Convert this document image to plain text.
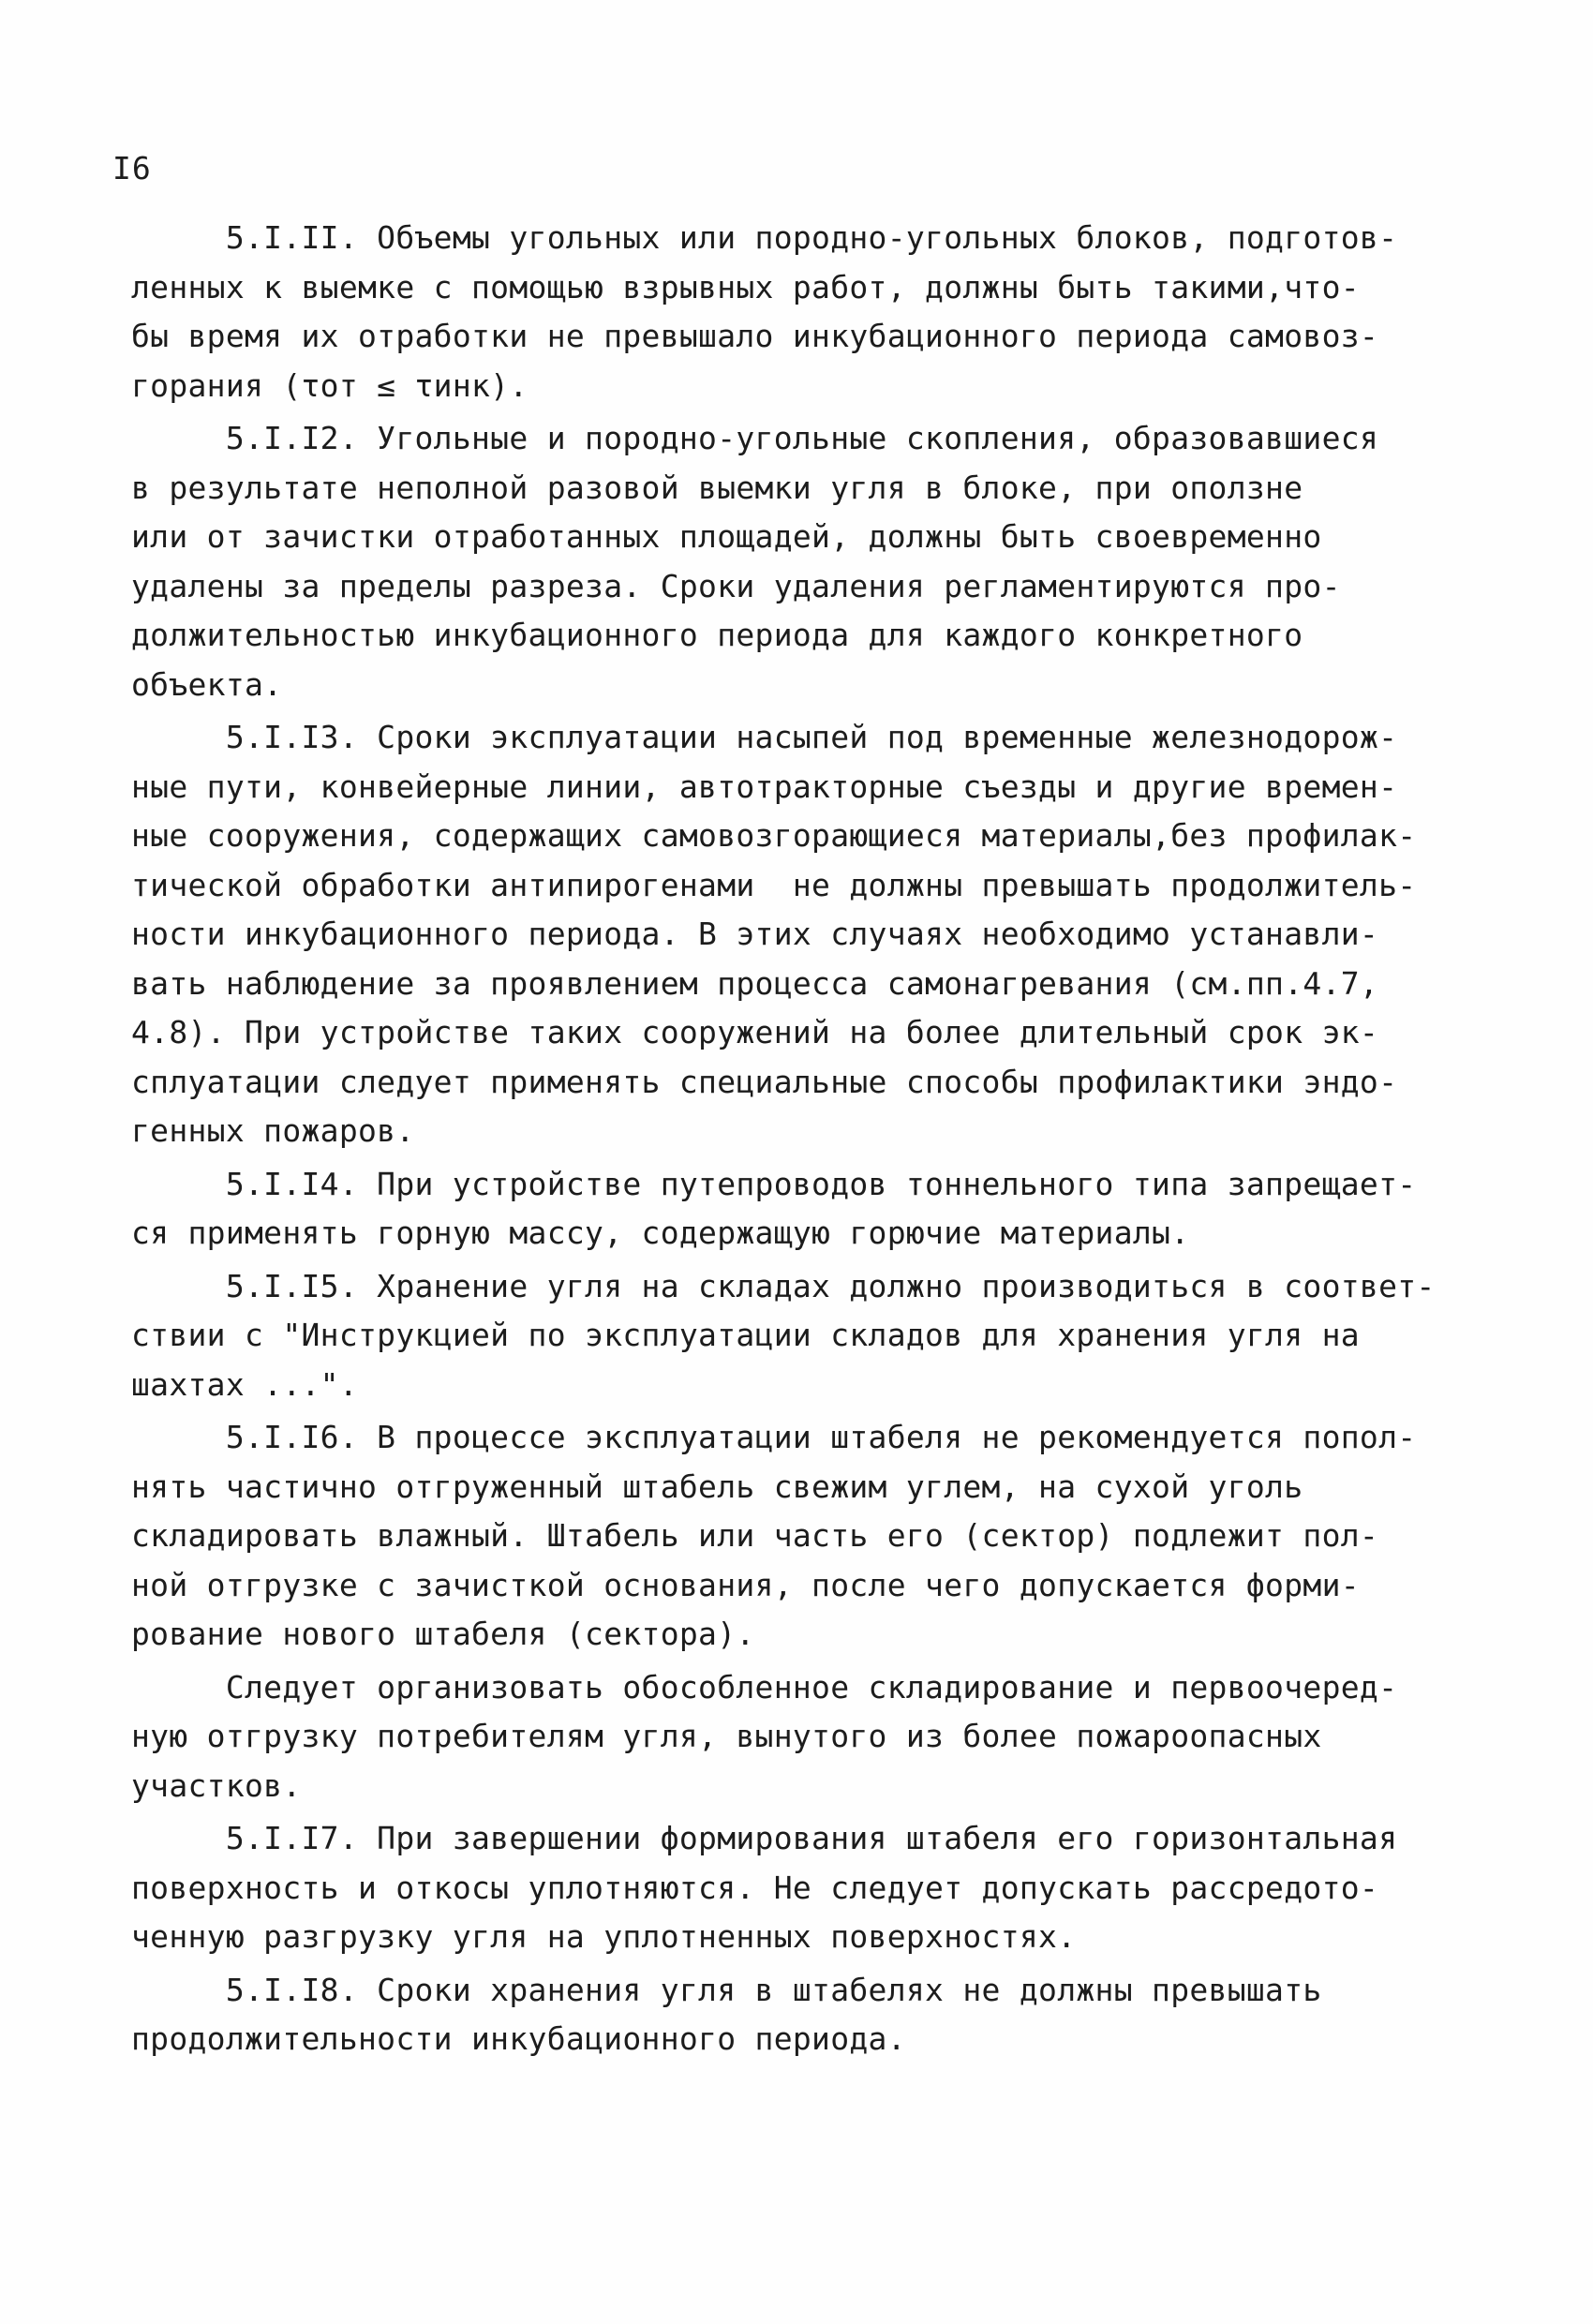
I6
5.I.II. Объемы угольных или породно-угольных блоков, подготов-
ленных к выемке с помощью взрывных работ, должны быть такими,что-
бы время их отработки не превышало инкубационного периода самовоз-
горания (τот ≤ τинк).
5.I.I2. Угольные и породно-угольные скопления, образовавшиеся
в результате неполной разовой выемки угля в блоке, при оползне
или от зачистки отработанных площадей, должны быть своевременно
удалены за пределы разреза. Сроки удаления регламентируются про-
должительностью инкубационного периода для каждого конкретного
объекта.
5.I.I3. Сроки эксплуатации насыпей под временные железнодорож-
ные пути, конвейерные линии, автотракторные съезды и другие времен-
ные сооружения, содержащих самовозгорающиеся материалы,без профилак-
тической обработки антипирогенами  не должны превышать продолжитель-
ности инкубационного периода. В этих случаях необходимо устанавли-
вать наблюдение за проявлением процесса самонагревания (см.пп.4.7,
4.8). При устройстве таких сооружений на более длительный срок эк-
сплуатации следует применять специальные способы профилактики эндо-
генных пожаров.
5.I.I4. При устройстве путепроводов тоннельного типа запрещает-
ся применять горную массу, содержащую горючие материалы.
5.I.I5. Хранение угля на складах должно производиться в соответ-
ствии с "Инструкцией по эксплуатации складов для хранения угля на
шахтах ...".
5.I.I6. В процессе эксплуатации штабеля не рекомендуется попол-
нять частично отгруженный штабель свежим углем, на сухой уголь
складировать влажный. Штабель или часть его (сектор) подлежит пол-
ной отгрузке с зачисткой основания, после чего допускается форми-
рование нового штабеля (сектора).
Следует организовать обособленное складирование и первоочеред-
ную отгрузку потребителям угля, вынутого из более пожароопасных
участков.
5.I.I7. При завершении формирования штабеля его горизонтальная
поверхность и откосы уплотняются. Не следует допускать рассредото-
ченную разгрузку угля на уплотненных поверхностях.
5.I.I8. Сроки хранения угля в штабелях не должны превышать
продолжительности инкубационного периода.
